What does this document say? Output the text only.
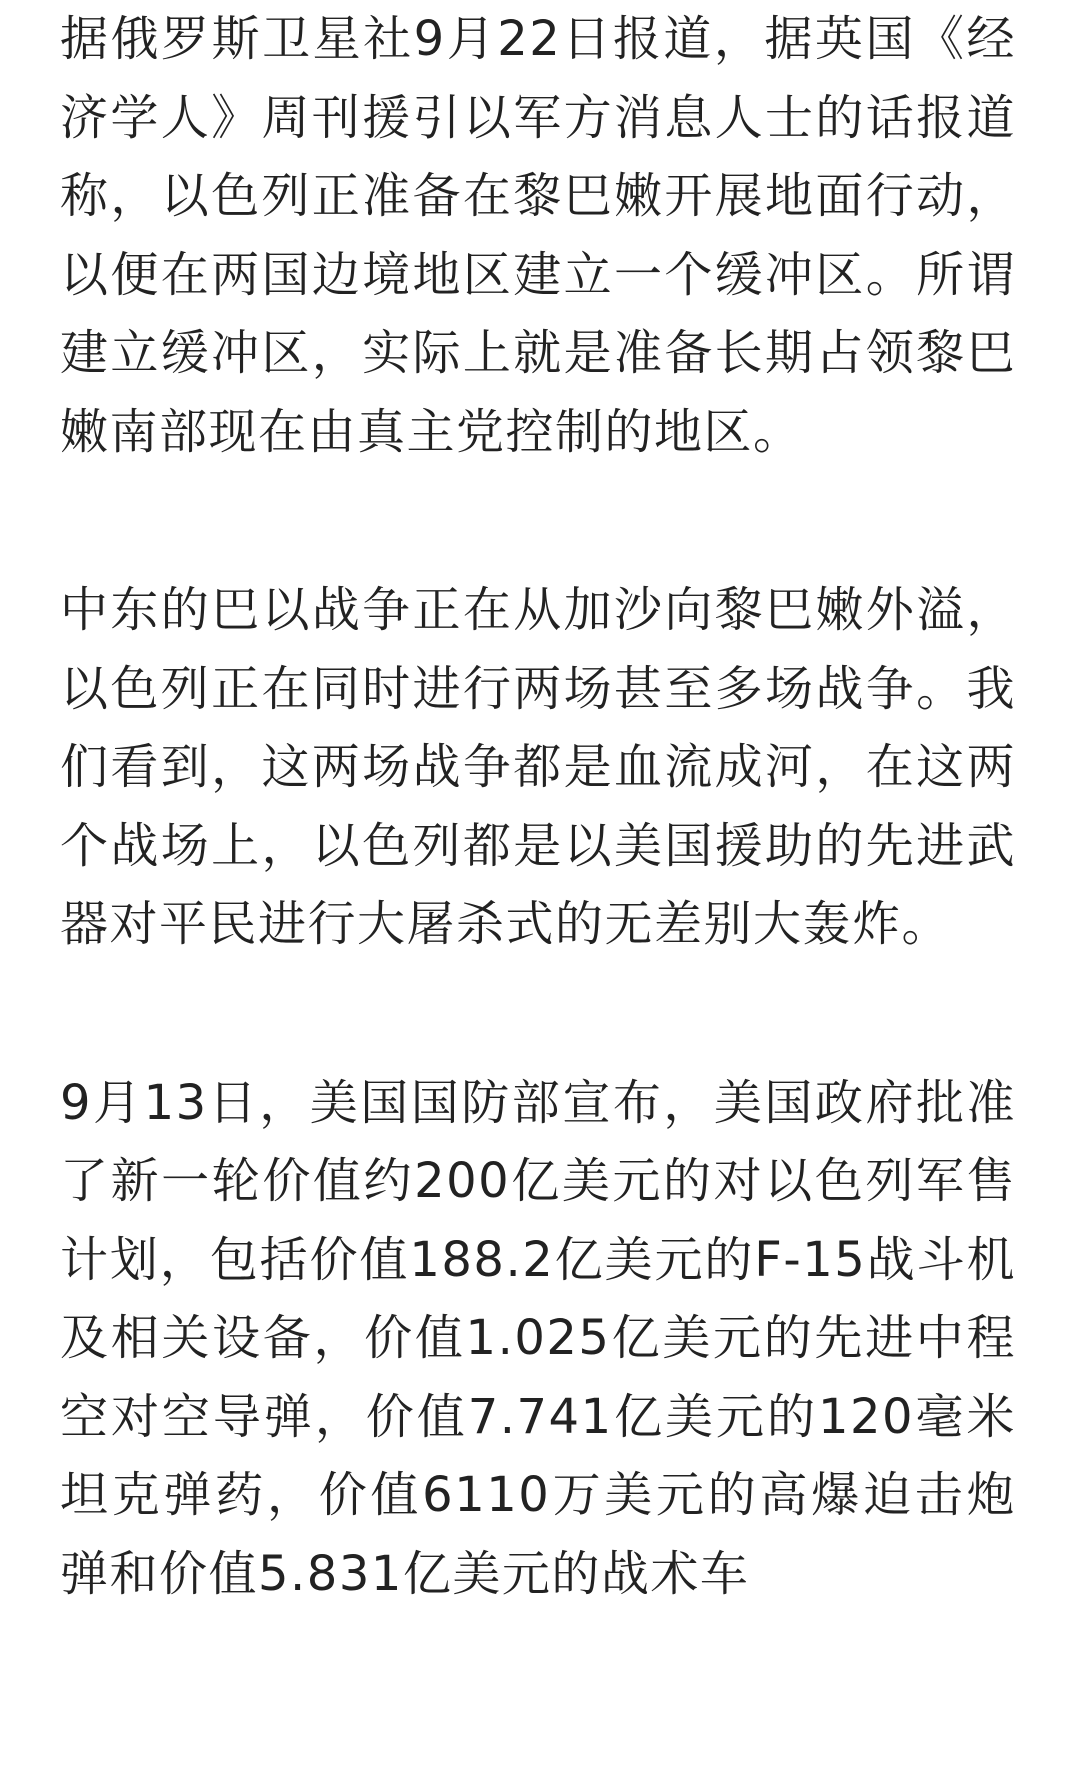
据俄罗斯卫星社9月22日报道，据英国《经济学人》周刊援引以军方消息人士的话报道称，以色列正准备在黎巴嫩开展地面行动，以便在两国边境地区建立一个缓冲区。所谓建立缓冲区，实际上就是准备长期占领黎巴嫩南部现在由真主党控制的地区。

中东的巴以战争正在从加沙向黎巴嫩外溢，以色列正在同时进行两场甚至多场战争。我们看到，这两场战争都是血流成河，在这两个战场上，以色列都是以美国援助的先进武器对平民进行大屠杀式的无差别大轰炸。

9月13日，美国国防部宣布，美国政府批准了新一轮价值约200亿美元的对以色列军售计划，包括价值188.2亿美元的F-15战斗机及相关设备，价值1.025亿美元的先进中程空对空导弹，价值7.741亿美元的120毫米坦克弹药，价值6110万美元的高爆迫击炮弹和价值5.831亿美元的战术车
